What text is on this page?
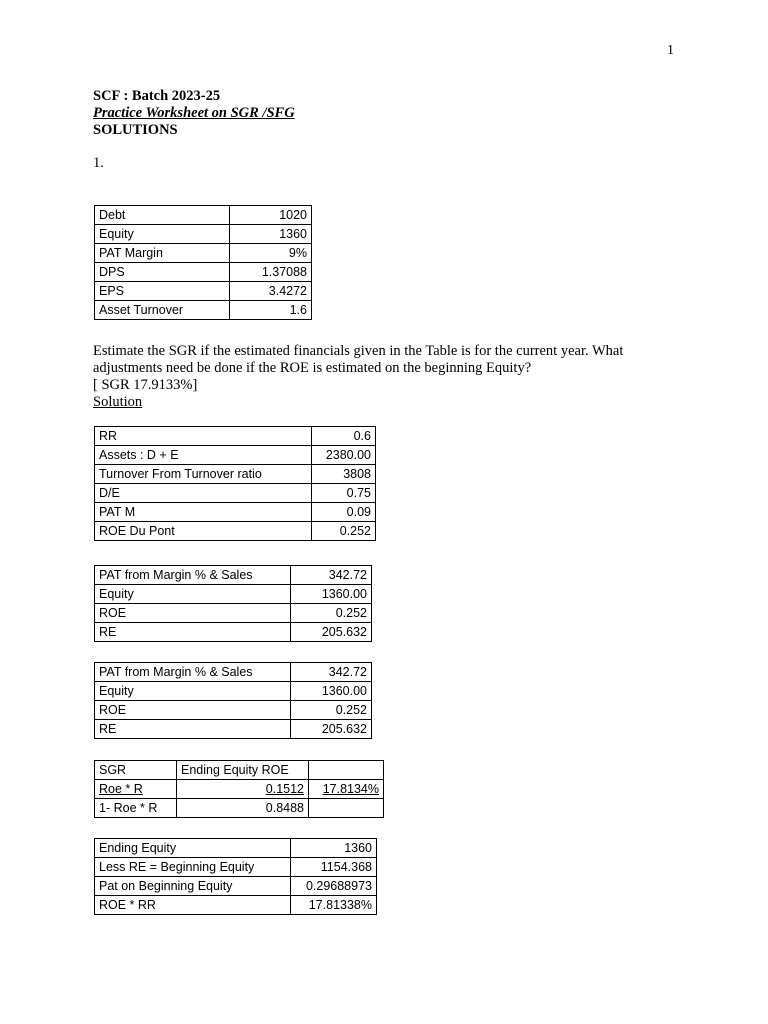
1
SCF : Batch 2023-25
Practice Worksheet on SGR /SFG
SOLUTIONS
1.
Debt	1020
Equity	1360
PAT Margin	9%
DPS	1.37088
EPS	3.4272
Asset Turnover	1.6
Estimate the SGR if the estimated financials given in the Table is for the current year. What adjustments need be done if the ROE is estimated on the beginning Equity?
[ SGR 17.9133%]
Solution
RR	0.6
Assets : D + E	2380.00
Turnover From Turnover ratio	3808
D/E	0.75
PAT M	0.09
ROE Du Pont	0.252
PAT from Margin % & Sales	342.72
Equity	1360.00
ROE	0.252
RE	205.632
PAT from Margin % & Sales	342.72
Equity	1360.00
ROE	0.252
RE	205.632
SGR	Ending Equity ROE	
Roe * R	0.1512	17.8134%
1- Roe * R	0.8488	
Ending Equity	1360
Less RE = Beginning Equity	1154.368
Pat on Beginning Equity	0.29688973
ROE * RR	17.81338%
